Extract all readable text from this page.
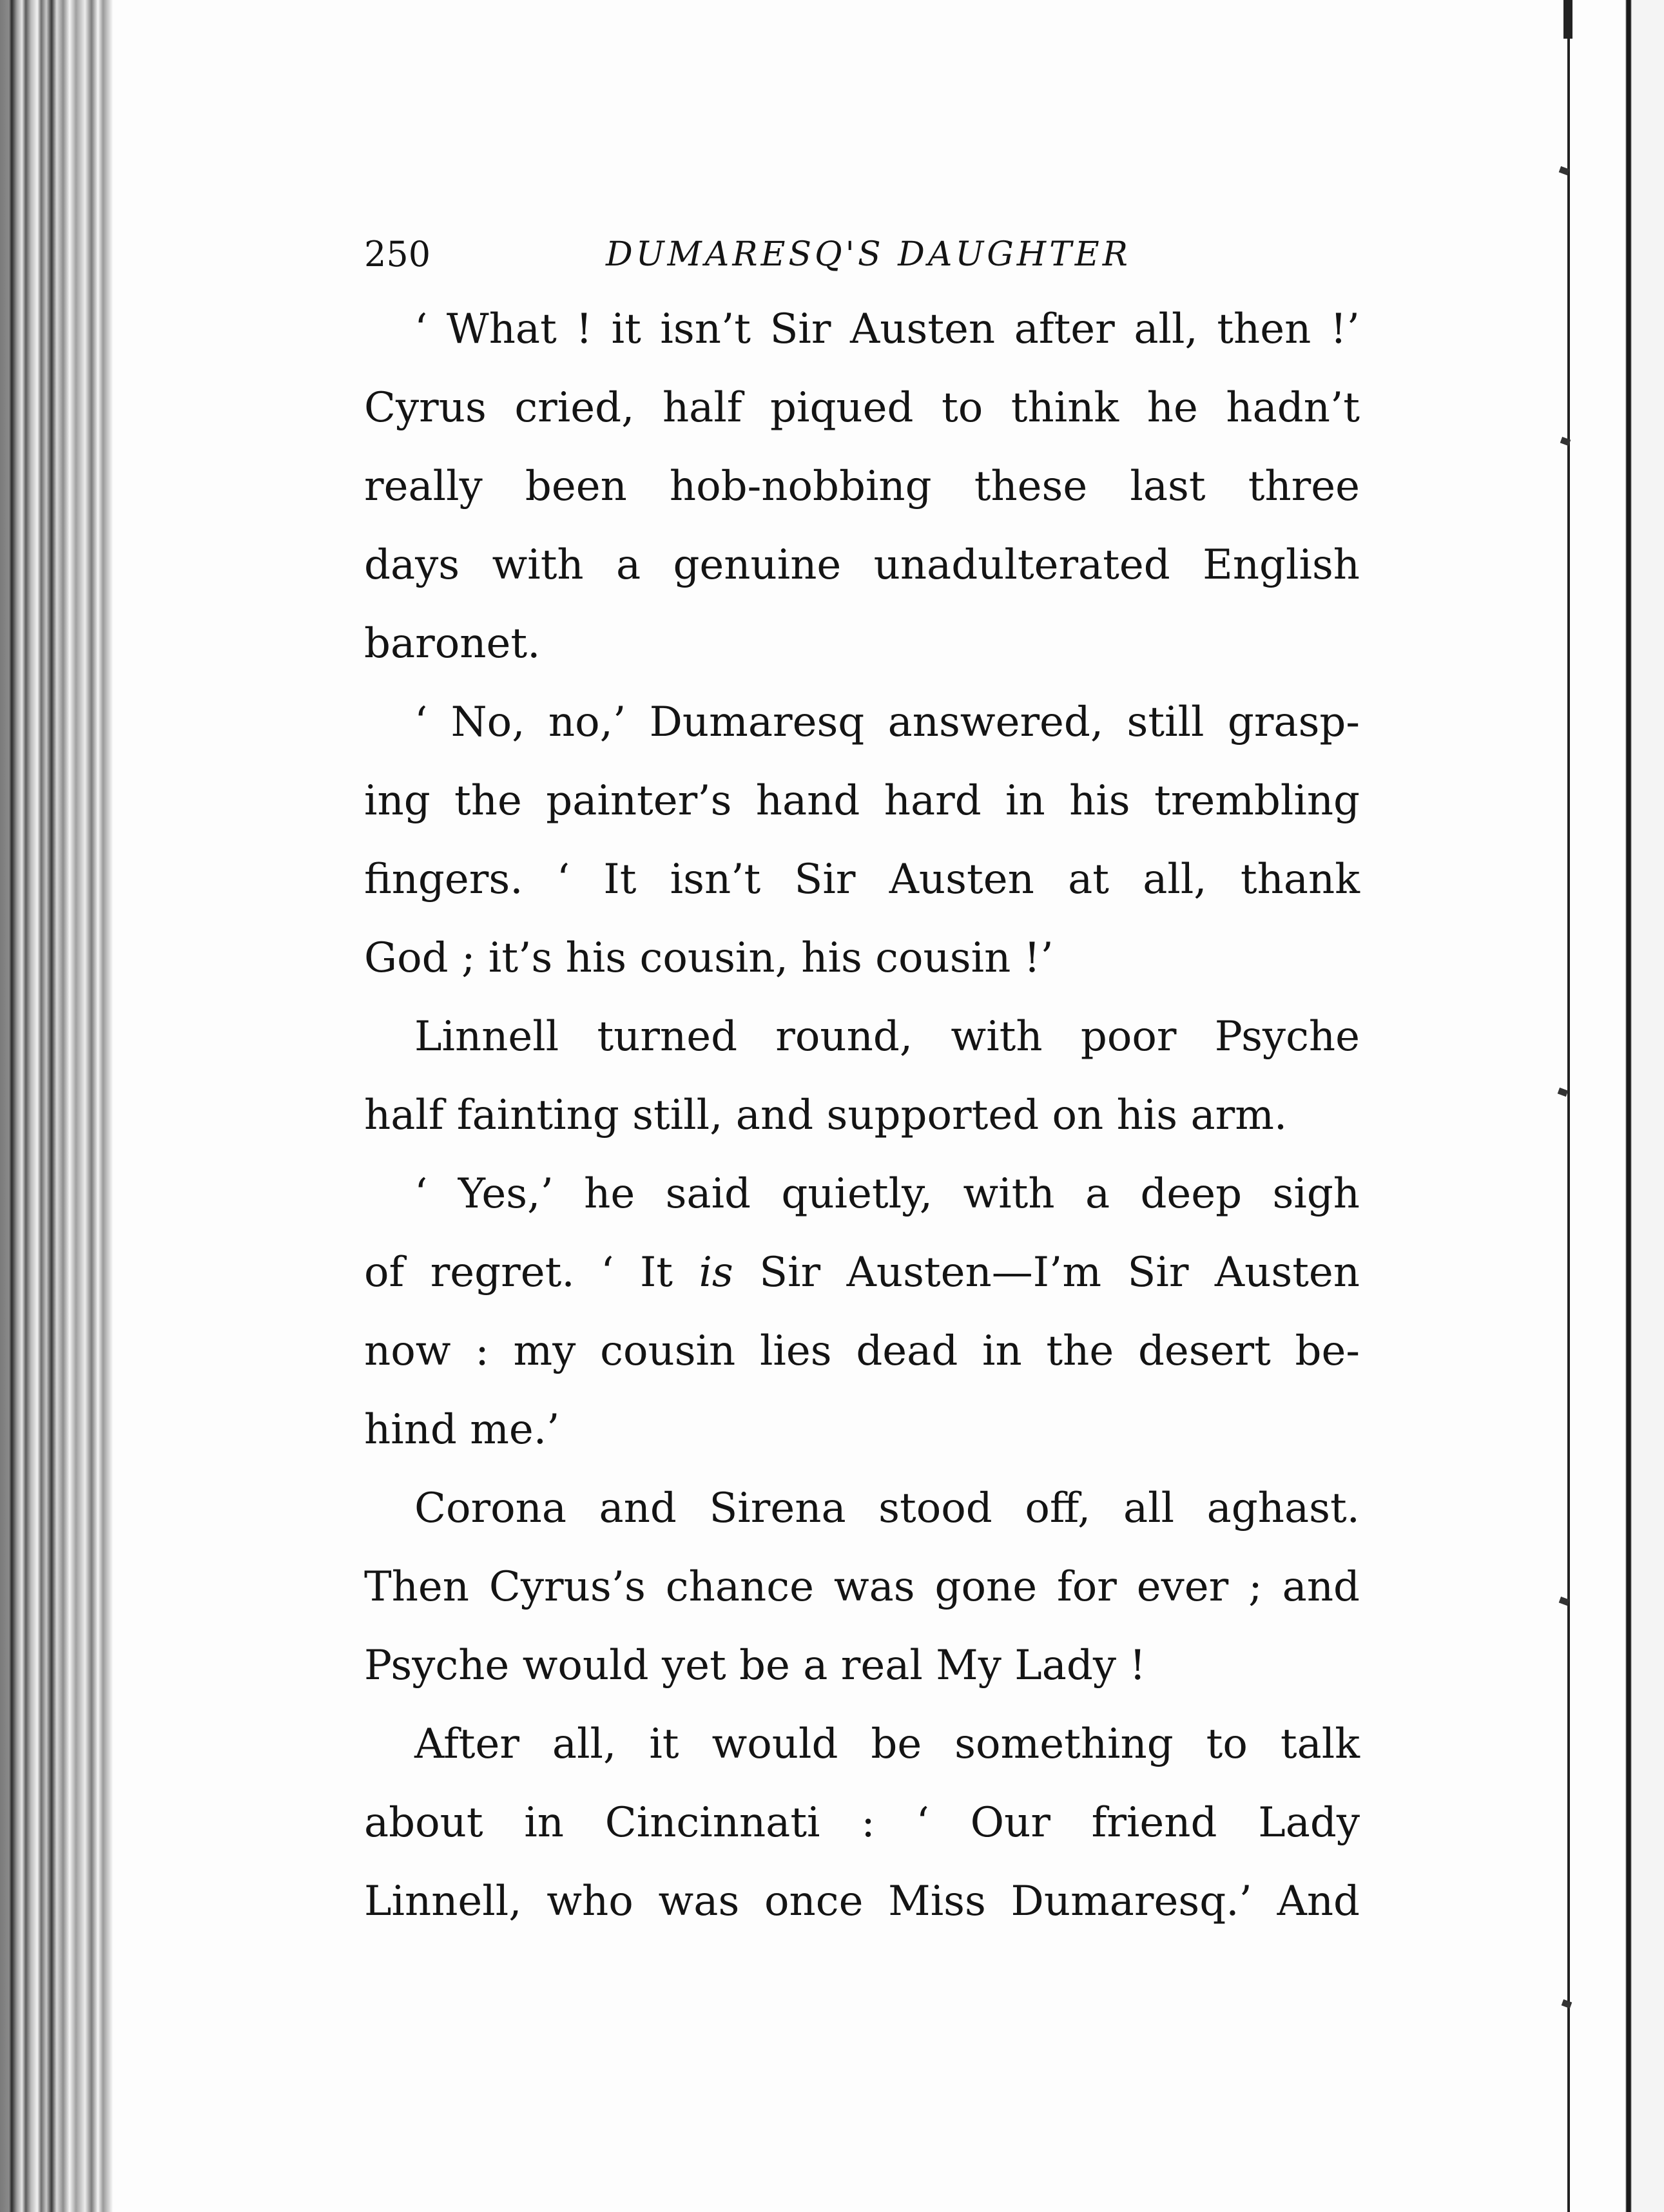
250	DUMARESQ'S DAUGHTER
‘ What ! it isn’t Sir Austen after all, then !’
Cyrus cried, half piqued to think he hadn’t
really been hob-nobbing these last three
days with a genuine unadulterated English
baronet.
‘ No, no,’ Dumaresq answered, still grasp-
ing the painter’s hand hard in his trembling
fingers. ‘ It isn’t Sir Austen at all, thank
God ; it’s his cousin, his cousin !’
Linnell turned round, with poor Psyche
half fainting still, and supported on his arm.
‘ Yes,’ he said quietly, with a deep sigh
of regret. ‘ It is Sir Austen—I’m Sir Austen
now : my cousin lies dead in the desert be-
hind me.’
Corona and Sirena stood off, all aghast.
Then Cyrus’s chance was gone for ever ; and
Psyche would yet be a real My Lady !
After all, it would be something to talk
about in Cincinnati : ‘ Our friend Lady
Linnell, who was once Miss Dumaresq.’ And
